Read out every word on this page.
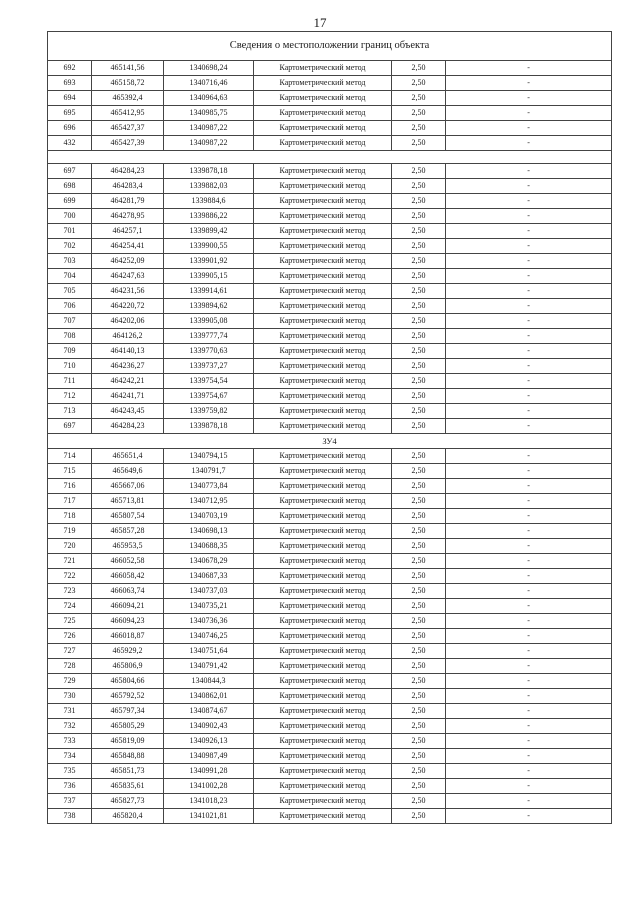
17
Сведения о местоположении границ объекта					
692	465141,56	1340698,24	Картометрический метод	2,50	-
693	465158,72	1340716,46	Картометрический метод	2,50	-
694	465392,4	1340964,63	Картометрический метод	2,50	-
695	465412,95	1340985,75	Картометрический метод	2,50	-
696	465427,37	1340987,22	Картометрический метод	2,50	-
432	465427,39	1340987,22	Картометрический метод	2,50	-

697	464284,23	1339878,18	Картометрический метод	2,50	-
698	464283,4	1339882,03	Картометрический метод	2,50	-
699	464281,79	1339884,6	Картометрический метод	2,50	-
700	464278,95	1339886,22	Картометрический метод	2,50	-
701	464257,1	1339899,42	Картометрический метод	2,50	-
702	464254,41	1339900,55	Картометрический метод	2,50	-
703	464252,09	1339901,92	Картометрический метод	2,50	-
704	464247,63	1339905,15	Картометрический метод	2,50	-
705	464231,56	1339914,61	Картометрический метод	2,50	-
706	464220,72	1339894,62	Картометрический метод	2,50	-
707	464202,06	1339905,08	Картометрический метод	2,50	-
708	464126,2	1339777,74	Картометрический метод	2,50	-
709	464140,13	1339770,63	Картометрический метод	2,50	-
710	464236,27	1339737,27	Картометрический метод	2,50	-
711	464242,21	1339754,54	Картометрический метод	2,50	-
712	464241,71	1339754,67	Картометрический метод	2,50	-
713	464243,45	1339759,82	Картометрический метод	2,50	-
697	464284,23	1339878,18	Картометрический метод	2,50	-
ЗУ4					
714	465651,4	1340794,15	Картометрический метод	2,50	-
715	465649,6	1340791,7	Картометрический метод	2,50	-
716	465667,06	1340773,84	Картометрический метод	2,50	-
717	465713,81	1340712,95	Картометрический метод	2,50	-
718	465807,54	1340703,19	Картометрический метод	2,50	-
719	465857,28	1340698,13	Картометрический метод	2,50	-
720	465953,5	1340688,35	Картометрический метод	2,50	-
721	466052,58	1340678,29	Картометрический метод	2,50	-
722	466058,42	1340687,33	Картометрический метод	2,50	-
723	466063,74	1340737,03	Картометрический метод	2,50	-
724	466094,21	1340735,21	Картометрический метод	2,50	-
725	466094,23	1340736,36	Картометрический метод	2,50	-
726	466018,87	1340746,25	Картометрический метод	2,50	-
727	465929,2	1340751,64	Картометрический метод	2,50	-
728	465806,9	1340791,42	Картометрический метод	2,50	-
729	465804,66	1340844,3	Картометрический метод	2,50	-
730	465792,52	1340862,01	Картометрический метод	2,50	-
731	465797,34	1340874,67	Картометрический метод	2,50	-
732	465805,29	1340902,43	Картометрический метод	2,50	-
733	465819,09	1340926,13	Картометрический метод	2,50	-
734	465848,88	1340987,49	Картометрический метод	2,50	-
735	465851,73	1340991,28	Картометрический метод	2,50	-
736	465835,61	1341002,28	Картометрический метод	2,50	-
737	465827,73	1341018,23	Картометрический метод	2,50	-
738	465820,4	1341021,81	Картометрический метод	2,50	-
